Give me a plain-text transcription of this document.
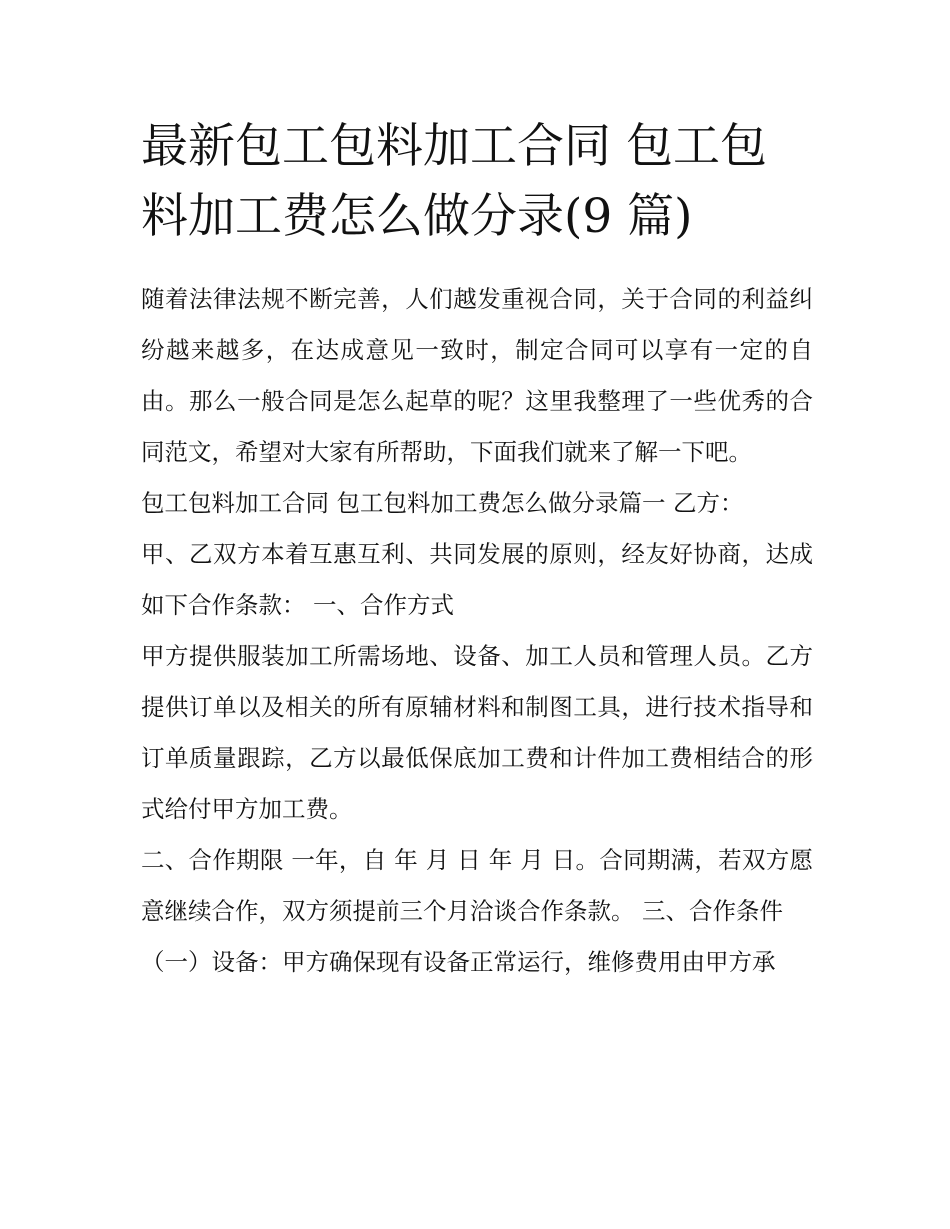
最新包工包料加工合同 包工包料加工费怎么做分录(9 篇)

随着法律法规不断完善，人们越发重视合同，关于合同的利益纠纷越来越多，在达成意见一致时，制定合同可以享有一定的自由。那么一般合同是怎么起草的呢？这里我整理了一些优秀的合同范文，希望对大家有所帮助，下面我们就来了解一下吧。

包工包料加工合同 包工包料加工费怎么做分录篇一 乙方：

甲、乙双方本着互惠互利、共同发展的原则，经友好协商，达成如下合作条款： 一、合作方式

甲方提供服装加工所需场地、设备、加工人员和管理人员。乙方提供订单以及相关的所有原辅材料和制图工具，进行技术指导和订单质量跟踪，乙方以最低保底加工费和计件加工费相结合的形式给付甲方加工费。

二、合作期限 一年，自 年 月 日 年 月 日。合同期满，若双方愿意继续合作，双方须提前三个月洽谈合作条款。 三、合作条件

（一）设备：甲方确保现有设备正常运行，维修费用由甲方承
